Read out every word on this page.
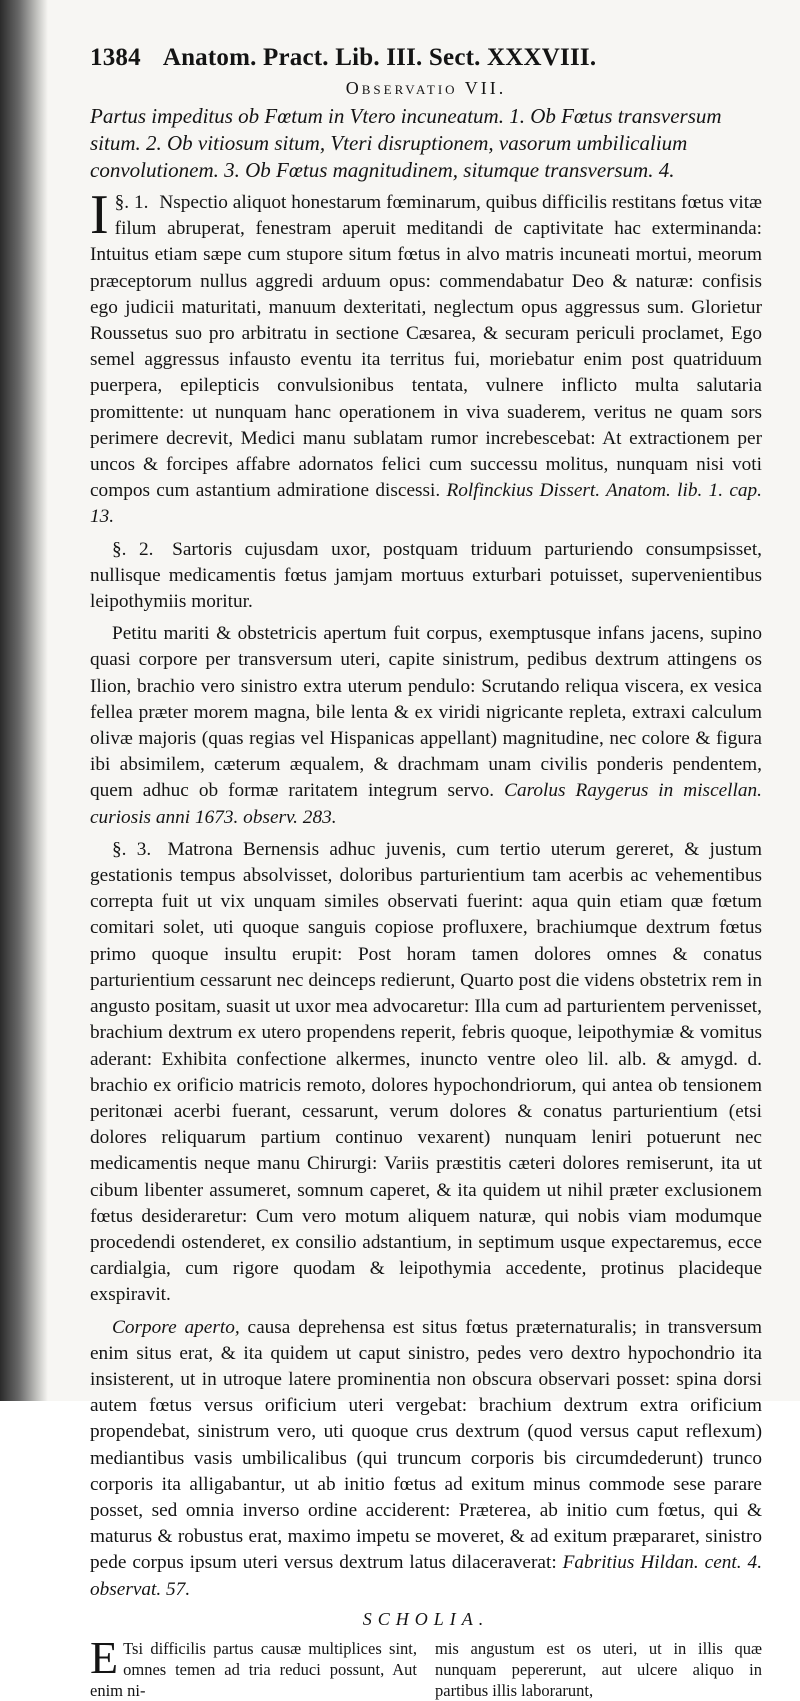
1384 Anatom. Pract. Lib. III. Sect. XXXVIII.
Observatio VII.
Partus impeditus ob Fœtum in Vtero incuneatum. 1. Ob Fœtus transversum situm. 2. Ob vitiosum situm, Vteri disruptionem, vasorum umbilicalium convolutionem. 3. Ob Fœtus magnitudinem, situmque transversum. 4.

§. 1.
I	Nspectio aliquot honestarum fœminarum, quibus difficilis restitans fœtus vitæ filum abruperat, fenestram aperuit meditandi de captivitate hac exterminanda: Intuitus etiam sæpe cum stupore situm fœtus in alvo matris incuneati mortui, meorum præceptorum nullus aggredi arduum opus: commendabatur Deo & naturæ: confisis ego judicii maturitati, manuum dexteritati, neglectum opus aggressus sum. Glorietur Roussetus suo pro arbitratu in sectione Cæsarea, & securam periculi proclamet, Ego semel aggressus infausto eventu ita territus fui, moriebatur enim post quatriduum puerpera, epilepticis convulsionibus tentata, vulnere inflicto multa salutaria promittente: ut nunquam hanc operationem in viva suaderem, veritus ne quam sors perimere decrevit, Medici manu sublatam rumor increbescebat: At extractionem per uncos & forcipes affabre adornatos felici cum successu molitus, nunquam nisi voti compos cum astantium admiratione discessi. Rolfinckius Dissert. Anatom. lib. 1. cap. 13.

§. 2. Sartoris cujusdam uxor, postquam triduum parturiendo consumpsisset, nullisque medicamentis fœtus jamjam mortuus exturbari potuisset, supervenientibus leipothymiis moritur.

Petitu mariti & obstetricis apertum fuit corpus, exemptusque infans jacens, supino quasi corpore per transversum uteri, capite sinistrum, pedibus dextrum attingens os Ilion, brachio vero sinistro extra uterum pendulo: Scrutando reliqua viscera, ex vesica fellea præter morem magna, bile lenta & ex viridi nigricante repleta, extraxi calculum olivæ majoris (quas regias vel Hispanicas appellant) magnitudine, nec colore & figura ibi absimilem, cæterum æqualem, & drachmam unam civilis ponderis pendentem, quem adhuc ob formæ raritatem integrum servo. Carolus Raygerus in miscellan. curiosis anni 1673. observ. 283.

§. 3. Matrona Bernensis adhuc juvenis, cum tertio uterum gereret, & justum gestationis tempus absolvisset, doloribus parturientium tam acerbis ac vehementibus correpta fuit ut vix unquam similes observati fuerint: aqua quin etiam quæ fœtum comitari solet, uti quoque sanguis copiose profluxere, brachiumque dextrum fœtus primo quoque insultu erupit: Post horam tamen dolores omnes & conatus parturientium cessarunt nec deinceps redierunt, Quarto post die videns obstetrix rem in angusto positam, suasit ut uxor mea advocaretur: Illa cum ad parturientem pervenisset, brachium dextrum ex utero propendens reperit, febris quoque, leipothymiæ & vomitus aderant: Exhibita confectione alkermes, inuncto ventre oleo lil. alb. & amygd. d. brachio ex orificio matricis remoto, dolores hypochondriorum, qui antea ob tensionem peritonæi acerbi fuerant, cessarunt, verum dolores & conatus parturientium (etsi dolores reliquarum partium continuo vexarent) nunquam leniri potuerunt nec medicamentis neque manu Chirurgi: Variis præstitis cæteri dolores remiserunt, ita ut cibum libenter assumeret, somnum caperet, & ita quidem ut nihil præter exclusionem fœtus desideraretur: Cum vero motum aliquem naturæ, qui nobis viam modumque procedendi ostenderet, ex consilio adstantium, in septimum usque expectaremus, ecce cardialgia, cum rigore quodam & leipothymia accedente, protinus placideque exspiravit.

Corpore aperto, causa deprehensa est situs fœtus præternaturalis; in transversum enim situs erat, & ita quidem ut caput sinistro, pedes vero dextro hypochondrio ita insisterent, ut in utroque latere prominentia non obscura observari posset: spina dorsi autem fœtus versus orificium uteri vergebat: brachium dextrum extra orificium propendebat, sinistrum vero, uti quoque crus dextrum (quod versus caput reflexum) mediantibus vasis umbilicalibus (qui truncum corporis bis circumdederunt) trunco corporis ita alligabantur, ut ab initio fœtus ad exitum minus commode sese parare posset, sed omnia inverso ordine acciderent: Præterea, ab initio cum fœtus, qui & maturus & robustus erat, maximo impetu se moveret, & ad exitum præpararet, sinistro pede corpus ipsum uteri versus dextrum latus dilaceraverat: Fabritius Hildan. cent. 4. observat. 57.

SCHOLIA.
E Tsi difficilis partus causæ multiplices sint, omnes temen ad tria reduci possunt, Aut enim ni-
mis angustum est os uteri, ut in illis quæ nunquam pepererunt, aut ulcere aliquo in partibus illis laborarunt,
